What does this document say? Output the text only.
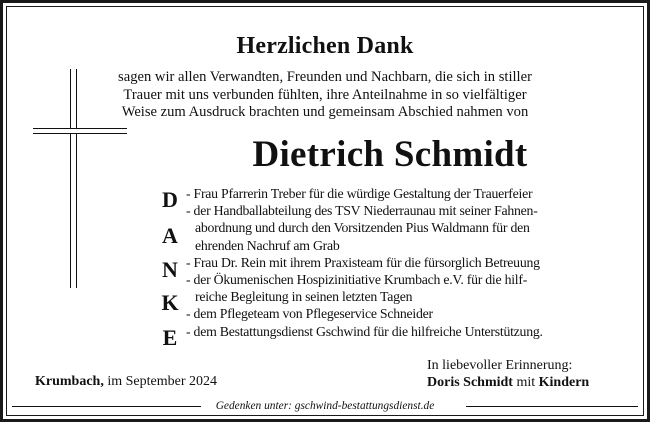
Herzlichen Dank
sagen wir allen Verwandten, Freunden und Nachbarn, die sich in stiller
Trauer mit uns verbunden fühlten, ihre Anteilnahme in so vielfältiger
Weise zum Ausdruck brachten und gemeinsam Abschied nahmen von
Dietrich Schmidt
D
A
N
K
E
- Frau Pfarrerin Treber für die würdige Gestaltung der Trauerfeier
- der Handballabteilung des TSV Niederraunau mit seiner Fahnen-
abordnung und durch den Vorsitzenden Pius Waldmann für den
ehrenden Nachruf am Grab
- Frau Dr. Rein mit ihrem Praxisteam für die fürsorglich Betreuung
- der Ökumenischen Hospizinitiative Krumbach e.V. für die hilf-
reiche Begleitung in seinen letzten Tagen
- dem Pflegeteam von Pflegeservice Schneider
- dem Bestattungsdienst Gschwind für die hilfreiche Unterstützung.
In liebevoller Erinnerung:
Doris Schmidt mit Kindern
Krumbach, im September 2024
Gedenken unter: gschwind-bestattungsdienst.de
